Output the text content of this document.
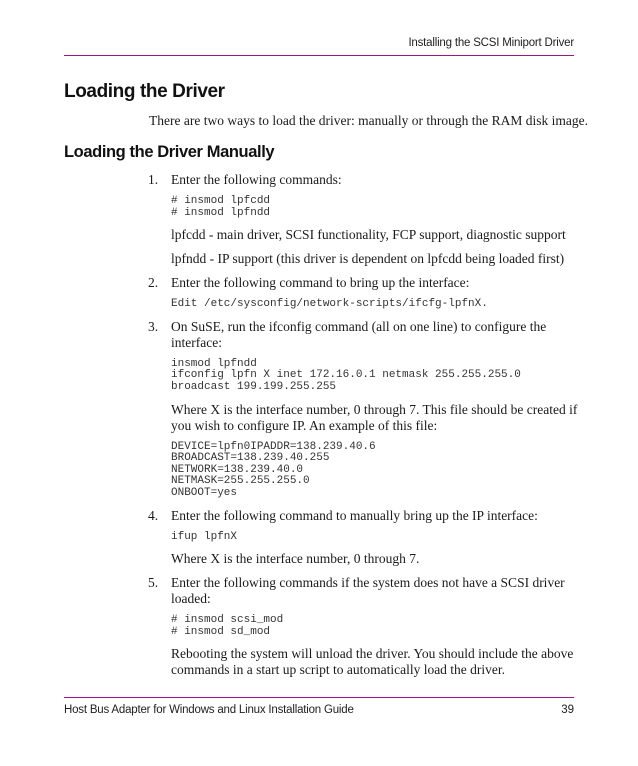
Installing the SCSI Miniport Driver
Loading the Driver

There are two ways to load the driver: manually or through the RAM disk image.

Loading the Driver Manually
1. Enter the following commands:

# insmod lpfcdd
# insmod lpfndd

lpfcdd - main driver, SCSI functionality, FCP support, diagnostic support

lpfndd - IP support (this driver is dependent on lpfcdd being loaded first)

2. Enter the following command to bring up the interface:

Edit /etc/sysconfig/network-scripts/ifcfg-lpfnX.
3. On SuSE, run the ifconfig command (all on one line) to configure the interface:

insmod lpfndd
ifconfig lpfn X inet 172.16.0.1 netmask 255.255.255.0
broadcast 199.199.255.255

Where X is the interface number, 0 through 7. This file should be created if you wish to configure IP. An example of this file:

DEVICE=lpfn0IPADDR=138.239.40.6
BROADCAST=138.239.40.255
NETWORK=138.239.40.0
NETMASK=255.255.255.0
ONBOOT=yes
4. Enter the following command to manually bring up the IP interface:

ifup lpfnX

Where X is the interface number, 0 through 7.

5. Enter the following commands if the system does not have a SCSI driver loaded:

# insmod scsi_mod
# insmod sd_mod

Rebooting the system will unload the driver. You should include the above commands in a start up script to automatically load the driver.

Host Bus Adapter for Windows and Linux Installation Guide	39
